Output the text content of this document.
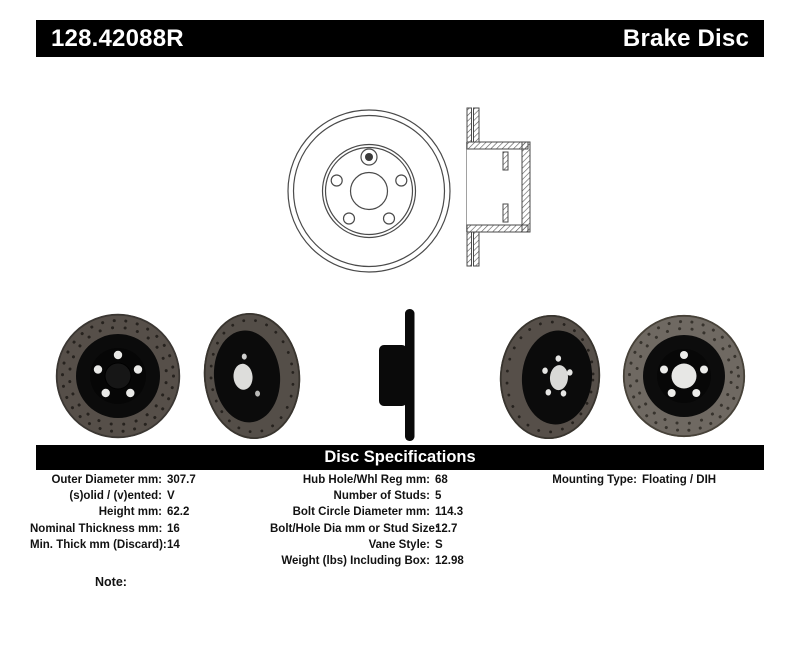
128.42088R	Brake Disc
Disc Specifications
Outer Diameter mm: 307.7
(s)olid / (v)ented: V
Height mm: 62.2
Nominal Thickness mm: 16
Min. Thick mm (Discard): 14
Hub Hole/Whl Reg mm: 68
Number of Studs: 5
Bolt Circle Diameter mm: 114.3
Bolt/Hole Dia mm or Stud Size:
12.7
Vane Style: S
Weight (lbs) Including Box: 12.98
Mounting Type: Floating / DIH
Note:
